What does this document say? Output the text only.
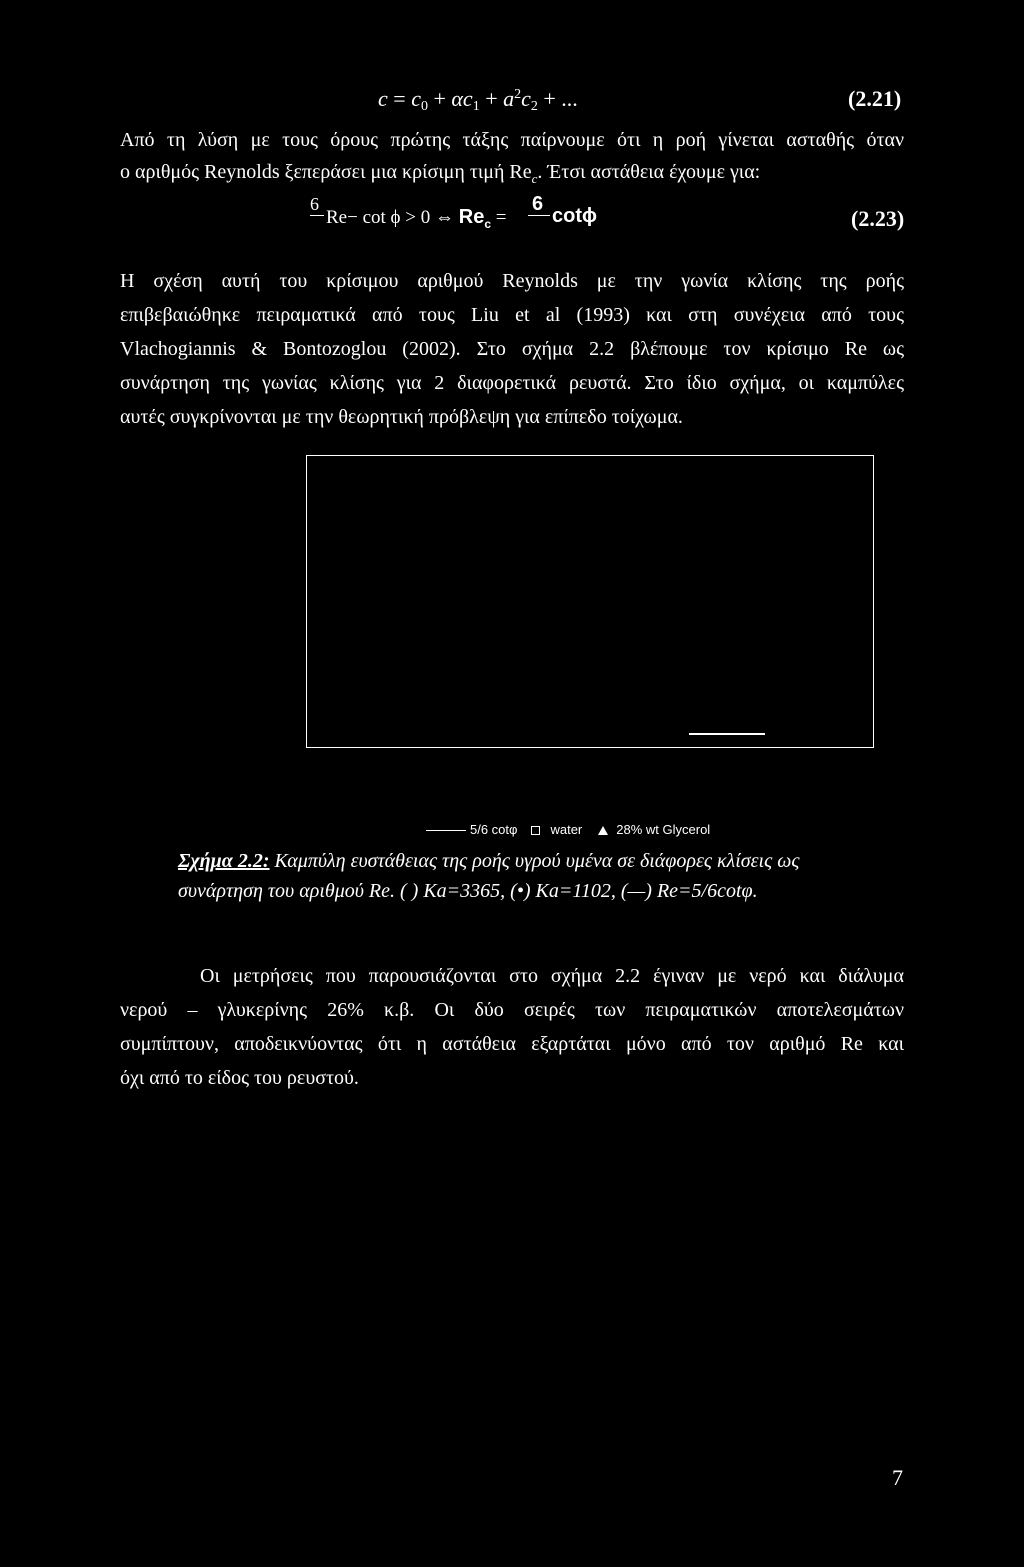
$c = c_0 + \alpha c_1 + a^2c_2$ + ...	(2.21)
Από τη λύση με τους όρους πρώτης τάξης παίρνουμε ότι η ροή γίνεται ασταθής όταν
ο αριθμός Reynolds ξεπεράσει μια κρίσιμη τιμή $Re_c$. Έτσι αστάθεια έχουμε για:
6
Re− cot ϕ > 0 ⇔ $Re_c$ =
6
cotϕ	(2.23)
Η σχέση αυτή του κρίσιμου αριθμού Reynolds με την γωνία κλίσης της ροής
επιβεβαιώθηκε πειραματικά από τους Liu et al (1993) και στη συνέχεια από τους
Vlachogiannis & Bontozoglou (2002). Στο σχήμα 2.2 βλέπουμε τον κρίσιμο Re ως
συνάρτηση της γωνίας κλίσης για 2 διαφορετικά ρευστά. Στο ίδιο σχήμα, οι καμπύλες
αυτές συγκρίνονται με την θεωρητική πρόβλεψη για επίπεδο τοίχωμα.
5/6 cotφ	water	28% wt Glycerol
Σχήμα 2.2: Καμπύλη ευστάθειας της ροής υγρού υμένα σε διάφορες κλίσεις ως
συνάρτηση του αριθμού Re. ( ) Ka=3365, (•) Ka=1102, (—) Re=5/6cotφ.
Οι μετρήσεις που παρουσιάζονται στο σχήμα 2.2 έγιναν με νερό και διάλυμα
νερού – γλυκερίνης 26% κ.β. Οι δύο σειρές των πειραματικών αποτελεσμάτων
συμπίπτουν, αποδεικνύοντας ότι η αστάθεια εξαρτάται μόνο από τον αριθμό Re και
όχι από το είδος του ρευστού.
7
